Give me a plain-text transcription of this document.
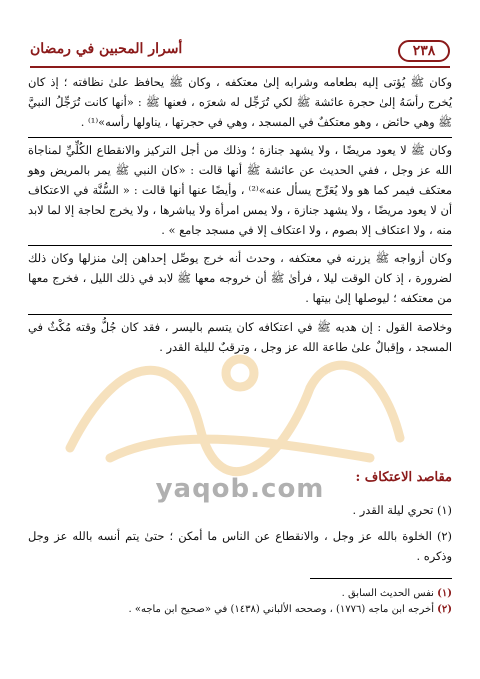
٢٣٨
أسرار المحبين في رمضان
yaqob.com

وكان ﷺ يُؤتى إليه بطعامه وشرابه إلىٰ معتكفه ، وكان ﷺ يحافظ علىٰ نظافته ؛ إذ كان يُخرج رأسَهُ إلىٰ حجرة عائشة ﷺ لكي تُرَجِّل له شعرَه ، فعنها ﷺ : «أنها كانت تُرَجِّلُ النبيَّ ﷺ وهي حائض ، وهو معتكفٌ في المسجد ، وهي في حجرتها ، يناولها رأسه»⁽¹⁾ .

وكان ﷺ لا يعود مريضًا ، ولا يشهد جنازة ؛ وذلك من أجل التركيز والانقطاع الكُلِّيِّ لمناجاة الله عز وجل ، ففي الحديث عن عائشة ﷺ أنها قالت : «كان النبي ﷺ يمر بالمريض وهو معتكف فيمر كما هو ولا يُعَرِّج يسأل عنه»⁽²⁾ ، وأيضًا عنها أنها قالت : « السُّنَّة في الاعتكاف أن لا يعود مريضًا ، ولا يشهد جنازة ، ولا يمس امرأة ولا يباشرها ، ولا يخرج لحاجة إلا لما لابد منه ، ولا اعتكاف إلا بصوم ، ولا اعتكاف إلا في مسجد جامع » .

وكان أزواجه ﷺ يزرنه في معتكفه ، وحدث أنه خرج يوصِّل إحداهن إلىٰ منزلها وكان ذلك لضرورة ، إذ كان الوقت ليلا ، فرأىٰ ﷺ أن خروجه معها ﷺ لابد في ذلك الليل ، فخرج معها من معتكفه ؛ ليوصلها إلىٰ بيتها .

وخلاصة القول : إن هديه ﷺ في اعتكافه كان يتسم باليسر ، فقد كان جُلُّ وقته مُكْثٌ في المسجد ، وإقبالٌ علىٰ طاعة الله عز وجل ، وترقبٌ لليلة القدر .

مقاصد الاعتكاف :

(١) تحري ليلة القدر .

(٢) الخلوة بالله عز وجل ، والانقطاع عن الناس ما أمكن ؛ حتىٰ يتم أنسه بالله عز وجل وذكره .

(١) نفس الحديث السابق .

(٢) أخرجه ابن ماجه (١٧٧٦) ، وصححه الألباني (١٤٣٨) في «صحيح ابن ماجه» .
